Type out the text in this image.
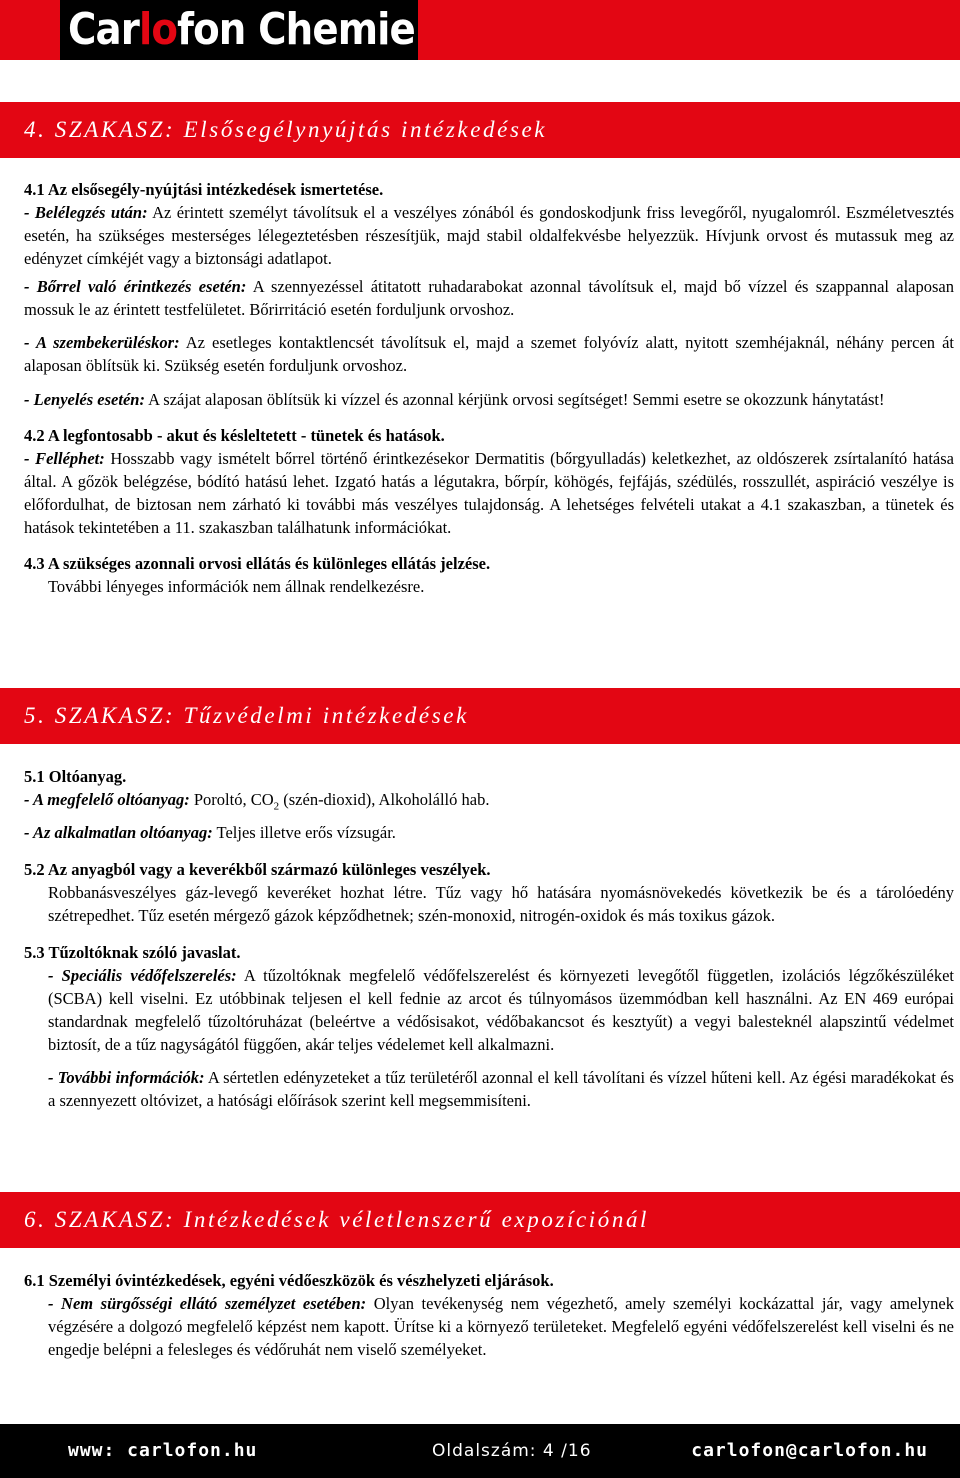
Carlofon Chemie
4. SZAKASZ: Elsősegélynyújtás intézkedések

4.1 Az elsősegély-nyújtási intézkedések ismertetése.

- Belélegzés után: Az érintett személyt távolítsuk el a veszélyes zónából és gondoskodjunk friss levegőről, nyugalomról. Eszméletvesztés esetén, ha szükséges mesterséges lélegeztetésben részesítjük, majd stabil oldalfekvésbe helyezzük. Hívjunk orvost és mutassuk meg az edényzet címkéjét vagy a biztonsági adatlapot.

- Bőrrel való érintkezés esetén: A szennyezéssel átitatott ruhadarabokat azonnal távolítsuk el, majd bő vízzel és szappannal alaposan mossuk le az érintett testfelületet. Bőrirritáció esetén forduljunk orvoshoz.

- A szembekerüléskor: Az esetleges kontaktlencsét távolítsuk el, majd a szemet folyóvíz alatt, nyitott szemhéjaknál, néhány percen át alaposan öblítsük ki. Szükség esetén forduljunk orvoshoz.

- Lenyelés esetén: A szájat alaposan öblítsük ki vízzel és azonnal kérjünk orvosi segítséget! Semmi esetre se okozzunk hánytatást!

4.2 A legfontosabb - akut és késleltetett - tünetek és hatások.

- Felléphet: Hosszabb vagy ismételt bőrrel történő érintkezésekor Dermatitis (bőrgyulladás) keletkezhet, az oldószerek zsírtalanító hatása által. A gőzök belégzése, bódító hatású lehet. Izgató hatás a légutakra, bőrpír, köhögés, fejfájás, szédülés, rosszullét, aspiráció veszélye is előfordulhat, de biztosan nem zárható ki további más veszélyes tulajdonság. A lehetséges felvételi utakat a 4.1 szakaszban, a tünetek és hatások tekintetében a 11. szakaszban találhatunk információkat.

4.3 A szükséges azonnali orvosi ellátás és különleges ellátás jelzése.

További lényeges információk nem állnak rendelkezésre.

5. SZAKASZ: Tűzvédelmi intézkedések

5.1 Oltóanyag.

- A megfelelő oltóanyag: Poroltó, $CO_2$ (szén-dioxid), Alkoholálló hab.

- Az alkalmatlan oltóanyag: Teljes illetve erős vízsugár.

5.2 Az anyagból vagy a keverékből származó különleges veszélyek.

Robbanásveszélyes gáz-levegő keveréket hozhat létre. Tűz vagy hő hatására nyomásnövekedés következik be és a tárolóedény szétrepedhet. Tűz esetén mérgező gázok képződhetnek; szén-monoxid, nitrogén-oxidok és más toxikus gázok.

5.3 Tűzoltóknak szóló javaslat.

- Speciális védőfelszerelés: A tűzoltóknak megfelelő védőfelszerelést és környezeti levegőtől független, izolációs légzőkészüléket (SCBA) kell viselni. Ez utóbbinak teljesen el kell fednie az arcot és túlnyomásos üzemmódban kell használni. Az EN 469 európai standardnak megfelelő tűzoltóruházat (beleértve a védősisakot, védőbakancsot és kesztyűt) a vegyi balesteknél alapszintű védelmet biztosít, de a tűz nagyságától függően, akár teljes védelemet kell alkalmazni.

- További információk: A sértetlen edényzeteket a tűz területéről azonnal el kell távolítani és vízzel hűteni kell. Az égési maradékokat és a szennyezett oltóvizet, a hatósági előírások szerint kell megsemmisíteni.

6. SZAKASZ: Intézkedések véletlenszerű expozíciónál

6.1 Személyi óvintézkedések, egyéni védőeszközök és vészhelyzeti eljárások.

- Nem sürgősségi ellátó személyzet esetében: Olyan tevékenység nem végezhető, amely személyi kockázattal jár, vagy amelynek végzésére a dolgozó megfelelő képzést nem kapott. Ürítse ki a környező területeket. Megfelelő egyéni védőfelszerelést kell viselni és ne engedje belépni a felesleges és védőruhát nem viselő személyeket.

www: carlofon.hu	Oldalszám: 4 /16	carlofon@carlofon.hu
